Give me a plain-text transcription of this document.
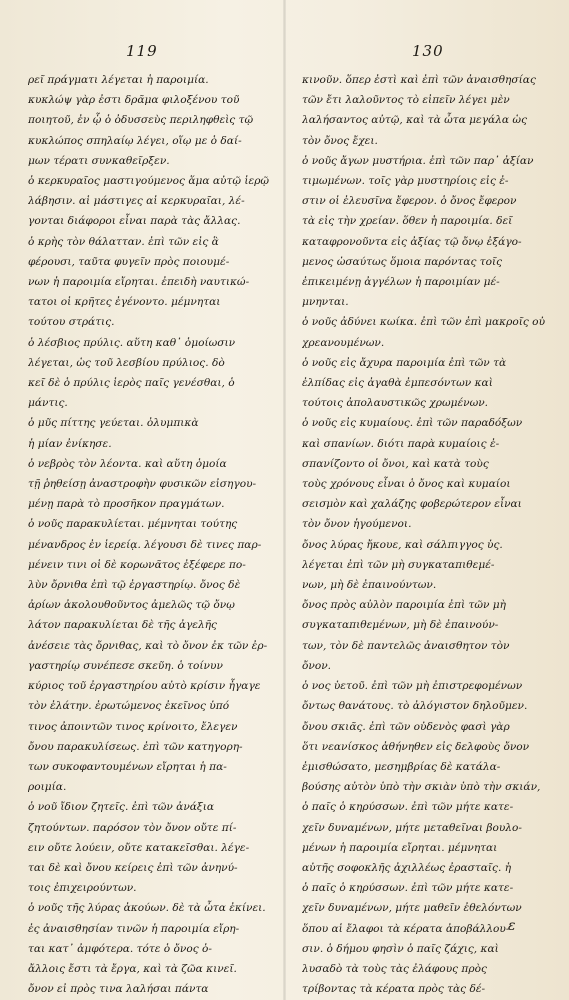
119	130
ρεῖ πράγματι λέγεται ἡ παροιμία.
κυκλώψ γὰρ ἐστι δρᾶμα φιλοξένου τοῦ
ποιητοῦ, ἐν ᾧ ὁ ὀδυσσεὺς περιληφθεὶς τῷ
κυκλώπος σπηλαίῳ λέγει, οἵῳ με ὁ δαί-
μων τέρατι συνκαθεῖρξεν.
ὁ κερκυραῖος μαστιγούμενος ἅμα αὐτῷ ἱερῷ
λάβησιν. αἱ μάστιγες αἱ κερκυραῖαι, λέ-
γονται διάφοροι εἶναι παρὰ τὰς ἄλλας.
ὁ κρὴς τὸν θάλατταν. ἐπὶ τῶν εἰς ἃ
φέρουσι, ταῦτα φυγεῖν πρὸς ποιουμέ-
νων ἡ παροιμία εἴρηται. ἐπειδὴ ναυτικώ-
τατοι οἱ κρῆτες ἐγένοντο. μέμνηται
τούτου στράτις.
ὁ λέσβιος πρύλις. αὕτη καθ᾽ ὁμοίωσιν
λέγεται, ὡς τοῦ λεσβίου πρύλιος. δὸ
κεῖ δὲ ὁ πρύλις ἱερὸς παῖς γενέσθαι, ὁ
μάντις.
ὁ μῦς πίττης γεύεται. ὀλυμπικὰ
ἡ μίαν ἐνίκησε.
ὁ νεβρὸς τὸν λέοντα. καὶ αὕτη ὁμοία
τῇ ῥηθείσῃ ἀναστροφὴν φυσικῶν εἰσηγου-
μένῃ παρὰ τὸ προσῆκον πραγμάτων.
ὁ νοῦς παρακυλίεται. μέμνηται τούτης
μένανδρος ἐν ἱερείᾳ. λέγουσι δὲ τινες παρ-
μένειν τινι οἱ δὲ κορωνᾶτος ἐξέφερε πο-
λὺν ὄρνιθα ἐπὶ τῷ ἐργαστηρίῳ. ὄνος δὲ
ἀρίων ἀκολουθοῦντος ἀμελῶς τῷ ὄνῳ
λάτον παρακυλίεται δὲ τῆς ἀγελῆς
ἀνέσειε τὰς ὄρνιθας, καὶ τὸ ὄνον ἐκ τῶν ἐρ-
γαστηρίῳ συνέπεσε σκεῦη. ὁ τοίνυν
κύριος τοῦ ἐργαστηρίου αὐτὸ κρίσιν ἦγαγε
τὸν ἐλάτην. ἐρωτώμενος ἐκεῖνος ὑπό
τινος ἀποιντῶν τινος κρίνοιτο, ἔλεγεν
ὄνου παρακυλίσεως. ἐπὶ τῶν κατηγορη-
των συκοφαντουμένων εἴρηται ἡ πα-
ροιμία.
ὁ νοῦ ἴδιον ζητεῖς. ἐπὶ τῶν ἀνάξια
ζητούντων. παρόσον τὸν ὄνον οὔτε πί-
ειν οὔτε λούειν, οὔτε κατακεῖσθαι. λέγε-
ται δὲ καὶ ὄνου κείρεις ἐπὶ τῶν ἀνηνύ-
τοις ἐπιχειρούντων.
ὁ νοῦς τῆς λύρας ἀκούων. δὲ τὰ ὦτα ἐκίνει.
ἐς ἀναισθησίαν τινῶν ἡ παροιμία εἴρη-
ται κατ᾽ ἀμφότερα. τότε ὁ ὄνος ὁ-
ἄλλοις ἔστι τὰ ἔργα, καὶ τὰ ζῶα κινεῖ.
ὄνον εἰ πρὸς τινα λαλήσαι πάντα
κινοῦν. ὅπερ ἐστὶ καὶ ἐπὶ τῶν ἀναισθησίας
τῶν ἔτι λαλοῦντος τὸ εἰπεῖν λέγει μὲν
λαλήσαντος αὐτῷ, καὶ τὰ ὦτα μεγάλα ὡς
τὸν ὄνος ἔχει.
ὁ νοῦς ἄγων μυστήρια. ἐπὶ τῶν παρ᾽ ἀξίαν
τιμωμένων. τοῖς γὰρ μυστηρίοις εἰς ἐ-
στιν οἱ ἐλευσῖνα ἔφερον. ὁ ὄνος ἔφερον
τὰ εἰς τὴν χρείαν. ὅθεν ἡ παροιμία. δεῖ
καταφρονοῦντα εἰς ἀξίας τῷ ὄνῳ ἐξάγο-
μενος ὡσαύτως ὅμοια παρόντας τοῖς
ἐπικειμένῃ ἀγγέλων ἡ παροιμίαν μέ-
μνηνται.
ὁ νοῦς ἀδύνει κωίκα. ἐπὶ τῶν ἐπὶ μακροῖς οὐ
χρεανουμένων.
ὁ νοῦς εἰς ἄχυρα παροιμία ἐπὶ τῶν τὰ
ἐλπίδας εἰς ἀγαθὰ ἐμπεσόντων καὶ
τούτοις ἀπολαυστικῶς χρωμένων.
ὁ νοῦς εἰς κυμαίους. ἐπὶ τῶν παραδόξων
καὶ σπανίων. διότι παρὰ κυμαίοις ἐ-
σπανίζοντο οἱ ὄνοι, καὶ κατὰ τοὺς
τοὺς χρόνους εἶναι ὁ ὄνος καὶ κυμαίοι
σεισμὸν καὶ χαλάζης φοβερώτερον εἶναι
τὸν ὄνον ἡγούμενοι.
ὄνος λύρας ἤκουε, καὶ σάλπιγγος ὑς.
λέγεται ἐπὶ τῶν μὴ συγκαταπιθεμέ-
νων, μὴ δὲ ἐπαινούντων.
ὄνος πρὸς αὐλὸν παροιμία ἐπὶ τῶν μὴ
συγκαταπιθεμένων, μὴ δὲ ἐπαινούν-
των, τὸν δὲ παντελῶς ἀναισθητον τὸν
ὄνον.
ὁ νος ὑετοῦ. ἐπὶ τῶν μὴ ἐπιστρεφομένων
ὄντως θανάτους. τὸ ἀλόγιστον δηλοῦμεν.
ὄνου σκιᾶς. ἐπὶ τῶν οὐδενὸς φασὶ γὰρ
ὅτι νεανίσκος ἀθήνηθεν εἰς δελφοὺς ὄνον
ἐμισθώσατο, μεσημβρίας δὲ κατάλα-
βούσης αὐτὸν ὑπὸ τὴν σκιὰν ὑπὸ τὴν σκιάν,
ὁ παῖς ὁ κηρύσσων. ἐπὶ τῶν μήτε κατε-
χεῖν δυναμένων, μήτε μεταθεῖναι βουλο-
μένων ἡ παροιμία εἴρηται. μέμνηται
αὐτῆς σοφοκλῆς ἀχιλλέως ἐρασταῖς. ἡ
ὁ παῖς ὁ κηρύσσων. ἐπὶ τῶν μήτε κατε-
χεῖν δυναμένων, μήτε μαθεῖν ἐθελόντων
ὅπου αἱ ἔλαφοι τὰ κέρατα ἀποβάλλου-
σιν. ὁ δήμου φησὶν ὁ παῖς ζάχις, καὶ
λυσαδὸ τὰ τοὺς τὰς ἐλάφους πρὸς
τρίβοντας τὰ κέρατα πρὸς τὰς δέ-
ε
